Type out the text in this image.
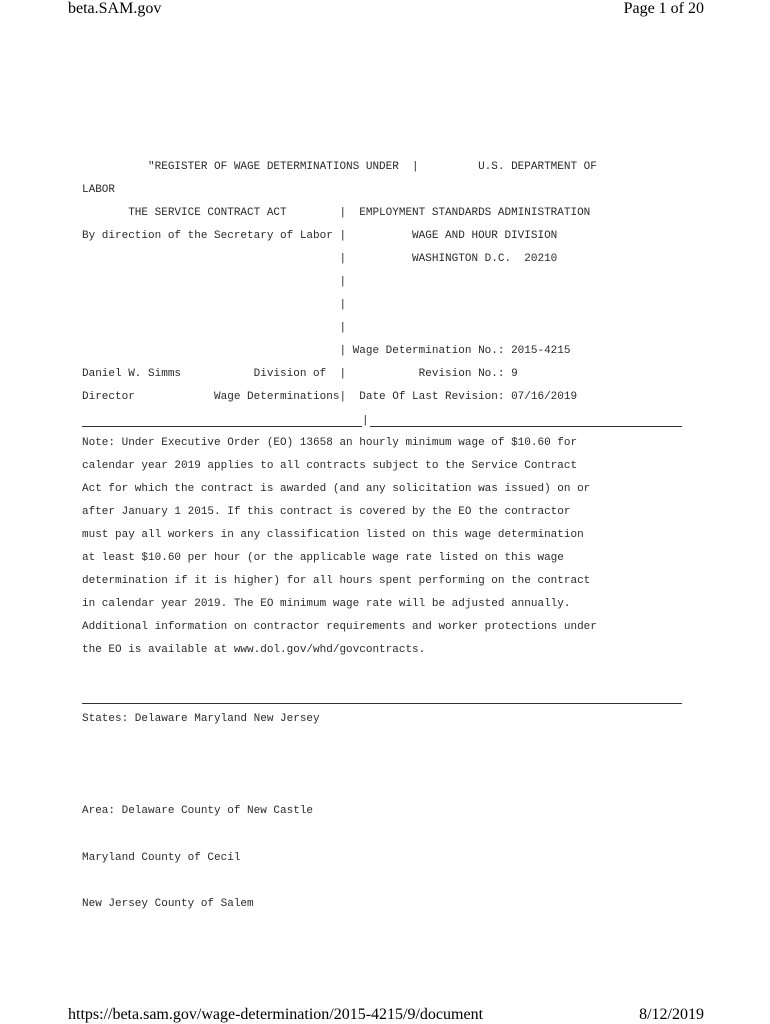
beta.SAM.gov	Page 1 of 20
"REGISTER OF WAGE DETERMINATIONS UNDER  |         U.S. DEPARTMENT OF
LABOR
THE SERVICE CONTRACT ACT        |  EMPLOYMENT STANDARDS ADMINISTRATION
By direction of the Secretary of Labor |          WAGE AND HOUR DIVISION
|          WASHINGTON D.C.  20210
|
|
|
| Wage Determination No.: 2015-4215
Daniel W. Simms           Division of  |           Revision No.: 9
Director            Wage Determinations|  Date Of Last Revision: 07/16/2019
|
Note: Under Executive Order (EO) 13658 an hourly minimum wage of $10.60 for
calendar year 2019 applies to all contracts subject to the Service Contract
Act for which the contract is awarded (and any solicitation was issued) on or
after January 1 2015. If this contract is covered by the EO the contractor
must pay all workers in any classification listed on this wage determination
at least $10.60 per hour (or the applicable wage rate listed on this wage
determination if it is higher) for all hours spent performing on the contract
in calendar year 2019. The EO minimum wage rate will be adjusted annually.
Additional information on contractor requirements and worker protections under
the EO is available at www.dol.gov/whd/govcontracts.
States: Delaware Maryland New Jersey
Area: Delaware County of New Castle
Maryland County of Cecil
New Jersey County of Salem
https://beta.sam.gov/wage-determination/2015-4215/9/document	8/12/2019
